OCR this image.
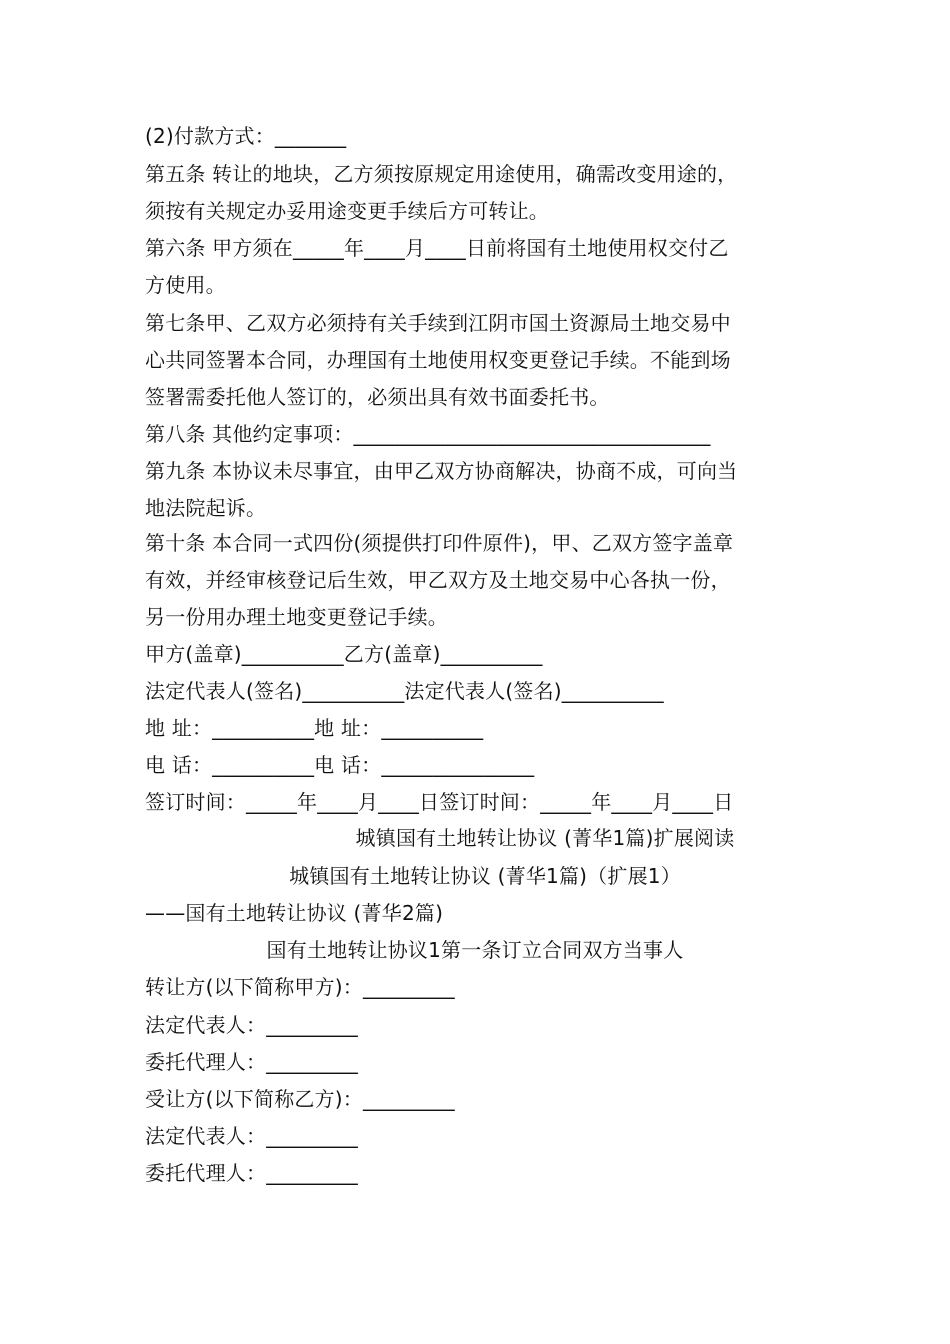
(2)付款方式：_______
第五条 转让的地块，乙方须按原规定用途使用，确需改变用途的，
须按有关规定办妥用途变更手续后方可转让。
第六条 甲方须在_____年____月____日前将国有土地使用权交付乙
方使用。
第七条甲、乙双方必须持有关手续到江阴市国土资源局土地交易中
心共同签署本合同，办理国有土地使用权变更登记手续。不能到场
签署需委托他人签订的，必须出具有效书面委托书。
第八条 其他约定事项：___________________________________
第九条 本协议未尽事宜，由甲乙双方协商解决，协商不成，可向当
地法院起诉。
第十条 本合同一式四份(须提供打印件原件)，甲、乙双方签字盖章
有效，并经审核登记后生效，甲乙双方及土地交易中心各执一份，
另一份用办理土地变更登记手续。
甲方(盖章)__________乙方(盖章)__________
法定代表人(签名)__________法定代表人(签名)__________
地 址：__________地 址：__________
电 话：__________电 话：_______________
签订时间：_____年____月____日签订时间：_____年____月____日
城镇国有土地转让协议 (菁华1篇)扩展阅读
城镇国有土地转让协议 (菁华1篇)（扩展1）
——国有土地转让协议 (菁华2篇)
国有土地转让协议1第一条订立合同双方当事人
转让方(以下简称甲方)：_________
法定代表人：_________
委托代理人：_________
受让方(以下简称乙方)：_________
法定代表人：_________
委托代理人：_________
